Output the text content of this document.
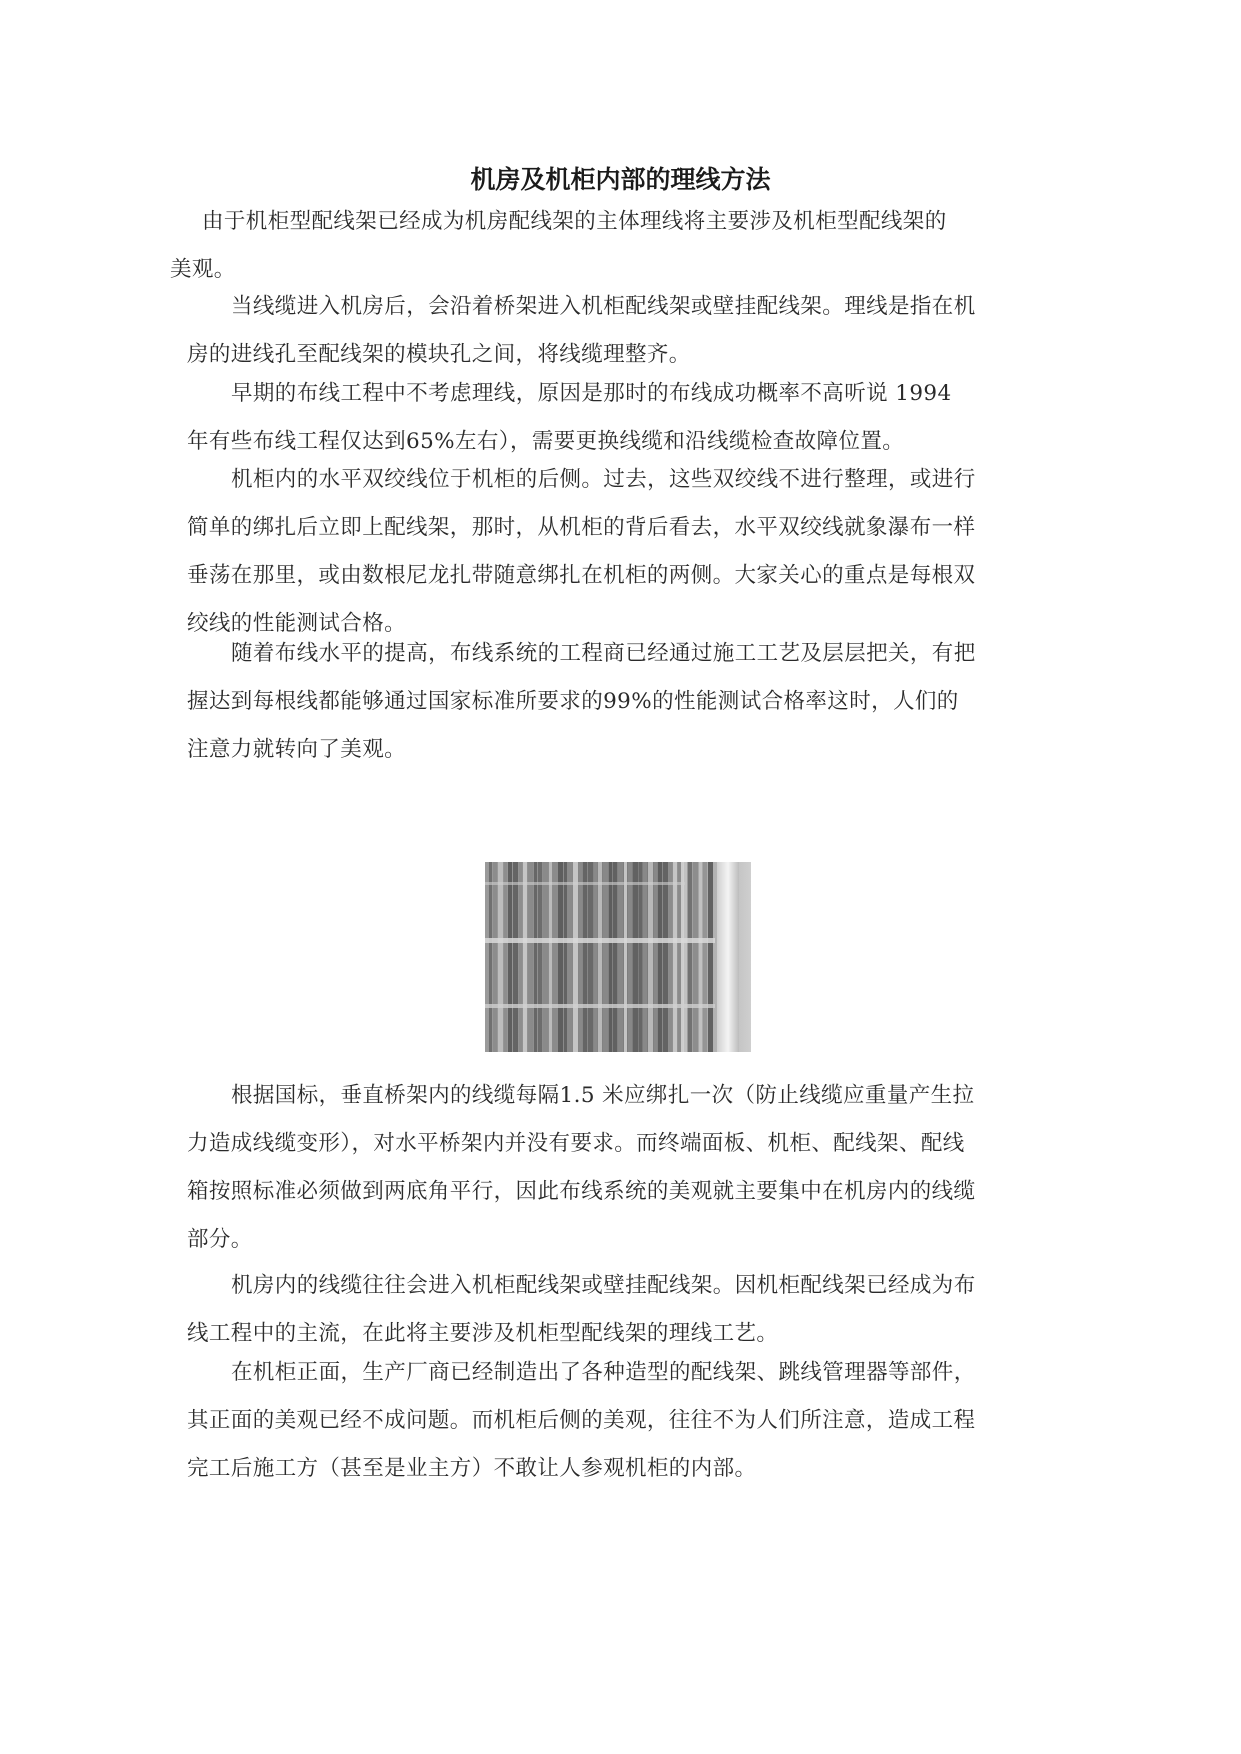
机房及机柜内部的理线方法
由于机柜型配线架已经成为机房配线架的主体理线将主要涉及机柜型配线架的
美观。
当线缆进入机房后，会沿着桥架进入机柜配线架或壁挂配线架。理线是指在机
房的进线孔至配线架的模块孔之间，将线缆理整齐。
早期的布线工程中不考虑理线，原因是那时的布线成功概率不高听说 1994
年有些布线工程仅达到65%左右），需要更换线缆和沿线缆检查故障位置。
机柜内的水平双绞线位于机柜的后侧。过去，这些双绞线不进行整理，或进行
简单的绑扎后立即上配线架，那时，从机柜的背后看去，水平双绞线就象瀑布一样
垂荡在那里，或由数根尼龙扎带随意绑扎在机柜的两侧。大家关心的重点是每根双
绞线的性能测试合格。
随着布线水平的提高，布线系统的工程商已经通过施工工艺及层层把关，有把
握达到每根线都能够通过国家标准所要求的99%的性能测试合格率这时，人们的
注意力就转向了美观。
根据国标，垂直桥架内的线缆每隔1.5 米应绑扎一次（防止线缆应重量产生拉
力造成线缆变形），对水平桥架内并没有要求。而终端面板、机柜、配线架、配线
箱按照标准必须做到两底角平行，因此布线系统的美观就主要集中在机房内的线缆
部分。
机房内的线缆往往会进入机柜配线架或壁挂配线架。因机柜配线架已经成为布
线工程中的主流，在此将主要涉及机柜型配线架的理线工艺。
在机柜正面，生产厂商已经制造出了各种造型的配线架、跳线管理器等部件，
其正面的美观已经不成问题。而机柜后侧的美观，往往不为人们所注意，造成工程
完工后施工方（甚至是业主方）不敢让人参观机柜的内部。
